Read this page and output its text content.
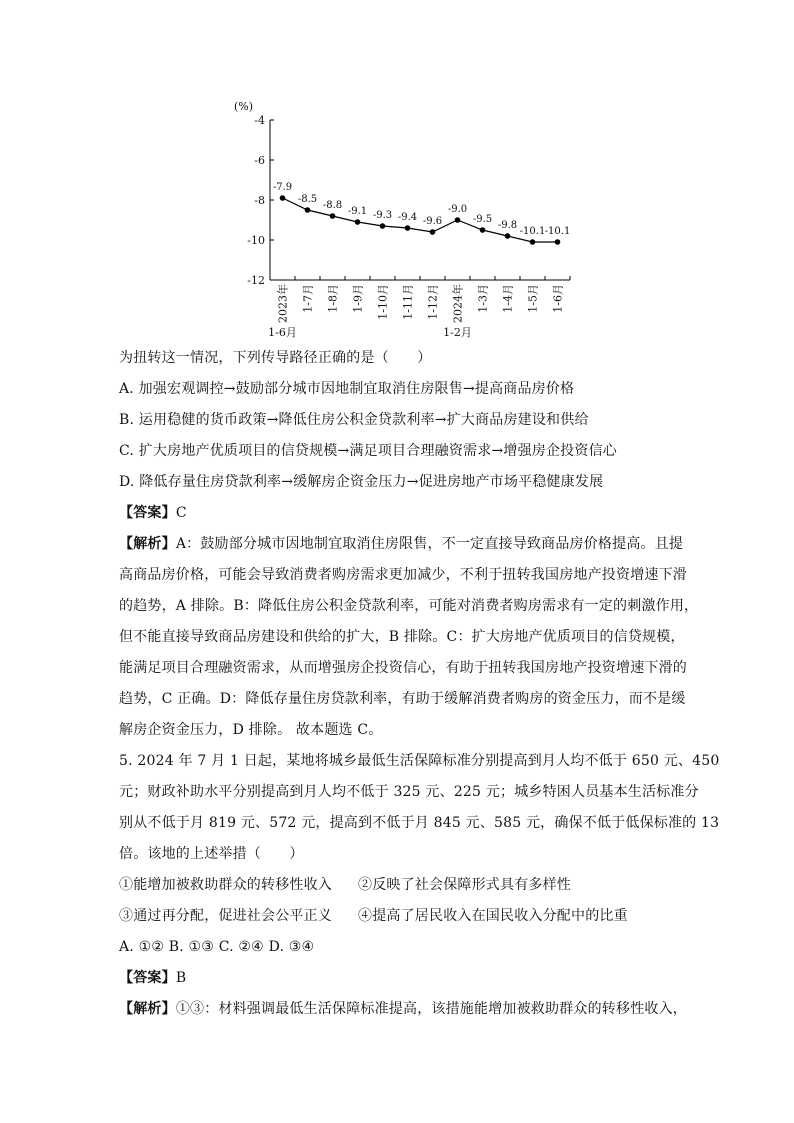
(%)
-4
-6
-8
-10
-12
2023年
1-6月
1-7月 1-8月 1-9月 1-10月 1-11月 1-12月 2024年
1-2月
1-3月 1-4月 1-5月 1-6月
-7.9
-8.5
-8.8
-9.1 -9.3 -9.4 -9.6
-9.0
-9.5
-9.8
-10.1 -10.1
为扭转这一情况，下列传导路径正确的是（　　）
A. 加强宏观调控→鼓励部分城市因地制宜取消住房限售→提高商品房价格
B. 运用稳健的货币政策→降低住房公积金贷款利率→扩大商品房建设和供给
C. 扩大房地产优质项目的信贷规模→满足项目合理融资需求→增强房企投资信心
D. 降低存量住房贷款利率→缓解房企资金压力→促进房地产市场平稳健康发展
【答案】C
【解析】A：鼓励部分城市因地制宜取消住房限售，不一定直接导致商品房价格提高。且提
高商品房价格，可能会导致消费者购房需求更加减少，不利于扭转我国房地产投资增速下滑
的趋势，A 排除。B：降低住房公积金贷款利率，可能对消费者购房需求有一定的刺激作用，
但不能直接导致商品房建设和供给的扩大，B 排除。C：扩大房地产优质项目的信贷规模，
能满足项目合理融资需求，从而增强房企投资信心，有助于扭转我国房地产投资增速下滑的
趋势，C 正确。D：降低存量住房贷款利率，有助于缓解消费者购房的资金压力，而不是缓
解房企资金压力，D 排除。 故本题选 C。
5. 2024 年 7 月 1 日起，某地将城乡最低生活保障标准分别提高到月人均不低于 650 元、450
元；财政补助水平分别提高到月人均不低于 325 元、225 元；城乡特困人员基本生活标准分
别从不低于月 819 元、572 元，提高到不低于月 845 元、585 元，确保不低于低保标准的 13
倍。该地的上述举措（　　）
①能增加被救助群众的转移性收入 ②反映了社会保障形式具有多样性
③通过再分配，促进社会公平正义 ④提高了居民收入在国民收入分配中的比重
A. ①② B. ①③ C. ②④ D. ③④
【答案】B
【解析】①③：材料强调最低生活保障标准提高，该措施能增加被救助群众的转移性收入，
